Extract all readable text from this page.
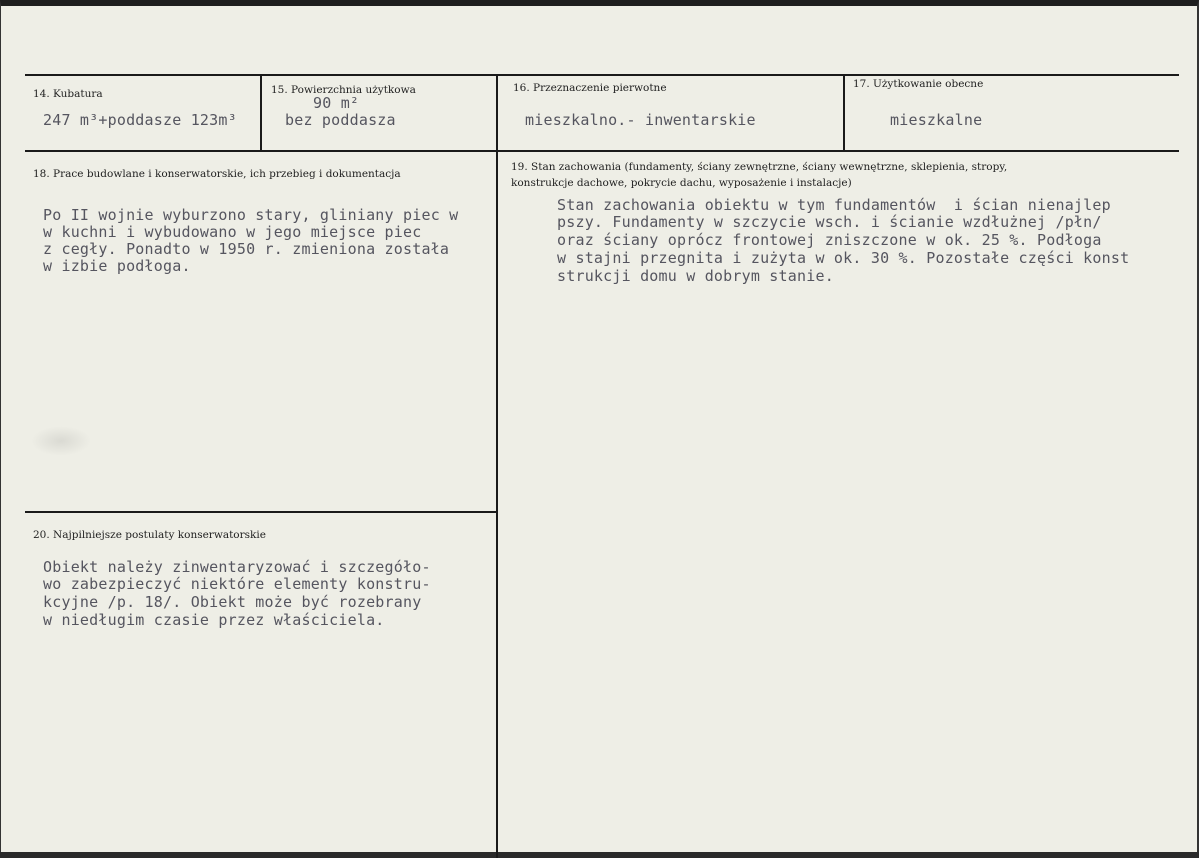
14. Kubatura
247 m³+poddasze 123m³
15. Powierzchnia użytkowa
90 m²
bez poddasza
16. Przeznaczenie pierwotne
mieszkalno.- inwentarskie
17. Użytkowanie obecne
mieszkalne
18. Prace budowlane i konserwatorskie, ich przebieg i dokumentacja
Po II wojnie wyburzono stary, gliniany piec w
w kuchni i wybudowano w jego miejsce piec
z cegły. Ponadto w 1950 r. zmieniona została
w izbie podłoga.
19. Stan zachowania (fundamenty, ściany zewnętrzne, ściany wewnętrzne, sklepienia, stropy,
konstrukcje dachowe, pokrycie dachu, wyposażenie i instalacje)
Stan zachowania obiektu w tym fundamentów  i ścian nienajlep
pszy. Fundamenty w szczycie wsch. i ścianie wzdłużnej /płn/
oraz ściany oprócz frontowej zniszczone w ok. 25 %. Podłoga
w stajni przegnita i zużyta w ok. 30 %. Pozostałe części konst
strukcji domu w dobrym stanie.
20. Najpilniejsze postulaty konserwatorskie
Obiekt należy zinwentaryzować i szczegóło-
wo zabezpieczyć niektóre elementy konstru-
kcyjne /p. 18/. Obiekt może być rozebrany
w niedługim czasie przez właściciela.
